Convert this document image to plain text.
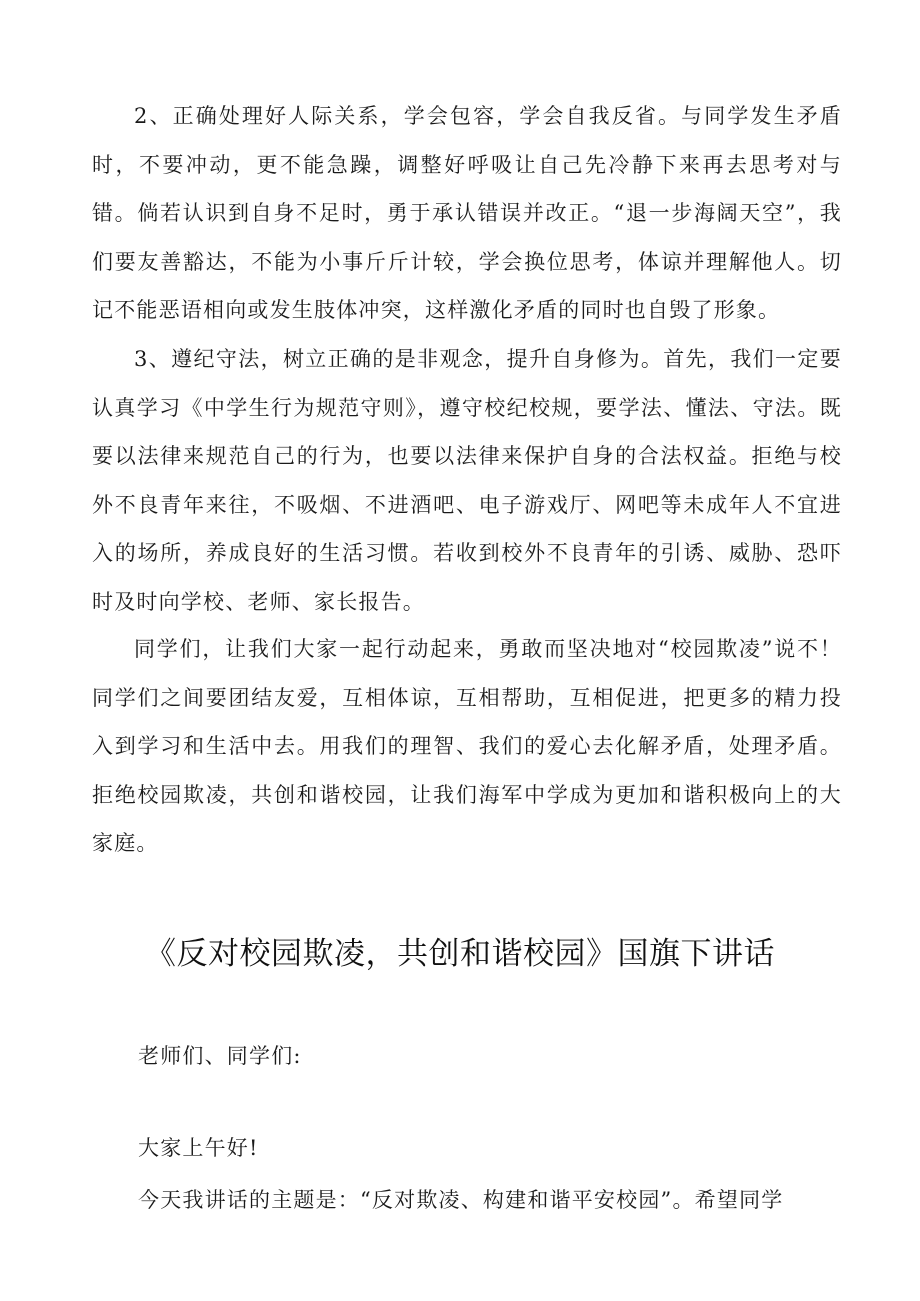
2、正确处理好人际关系，学会包容，学会自我反省。与同学发生矛盾时，不要冲动，更不能急躁，调整好呼吸让自己先冷静下来再去思考对与错。倘若认识到自身不足时，勇于承认错误并改正。“退一步海阔天空”，我们要友善豁达，不能为小事斤斤计较，学会换位思考，体谅并理解他人。切记不能恶语相向或发生肢体冲突，这样激化矛盾的同时也自毁了形象。

3、遵纪守法，树立正确的是非观念，提升自身修为。首先，我们一定要认真学习《中学生行为规范守则》，遵守校纪校规，要学法、懂法、守法。既要以法律来规范自己的行为，也要以法律来保护自身的合法权益。拒绝与校外不良青年来往，不吸烟、不进酒吧、电子游戏厅、网吧等未成年人不宜进入的场所，养成良好的生活习惯。若收到校外不良青年的引诱、威胁、恐吓时及时向学校、老师、家长报告。

同学们，让我们大家一起行动起来，勇敢而坚决地对“校园欺凌”说不！同学们之间要团结友爱，互相体谅，互相帮助，互相促进，把更多的精力投入到学习和生活中去。用我们的理智、我们的爱心去化解矛盾，处理矛盾。拒绝校园欺凌，共创和谐校园，让我们海军中学成为更加和谐积极向上的大家庭。

《反对校园欺凌，共创和谐校园》国旗下讲话

老师们、同学们:

大家上午好!

今天我讲话的主题是：“反对欺凌、构建和谐平安校园”。希望同学
